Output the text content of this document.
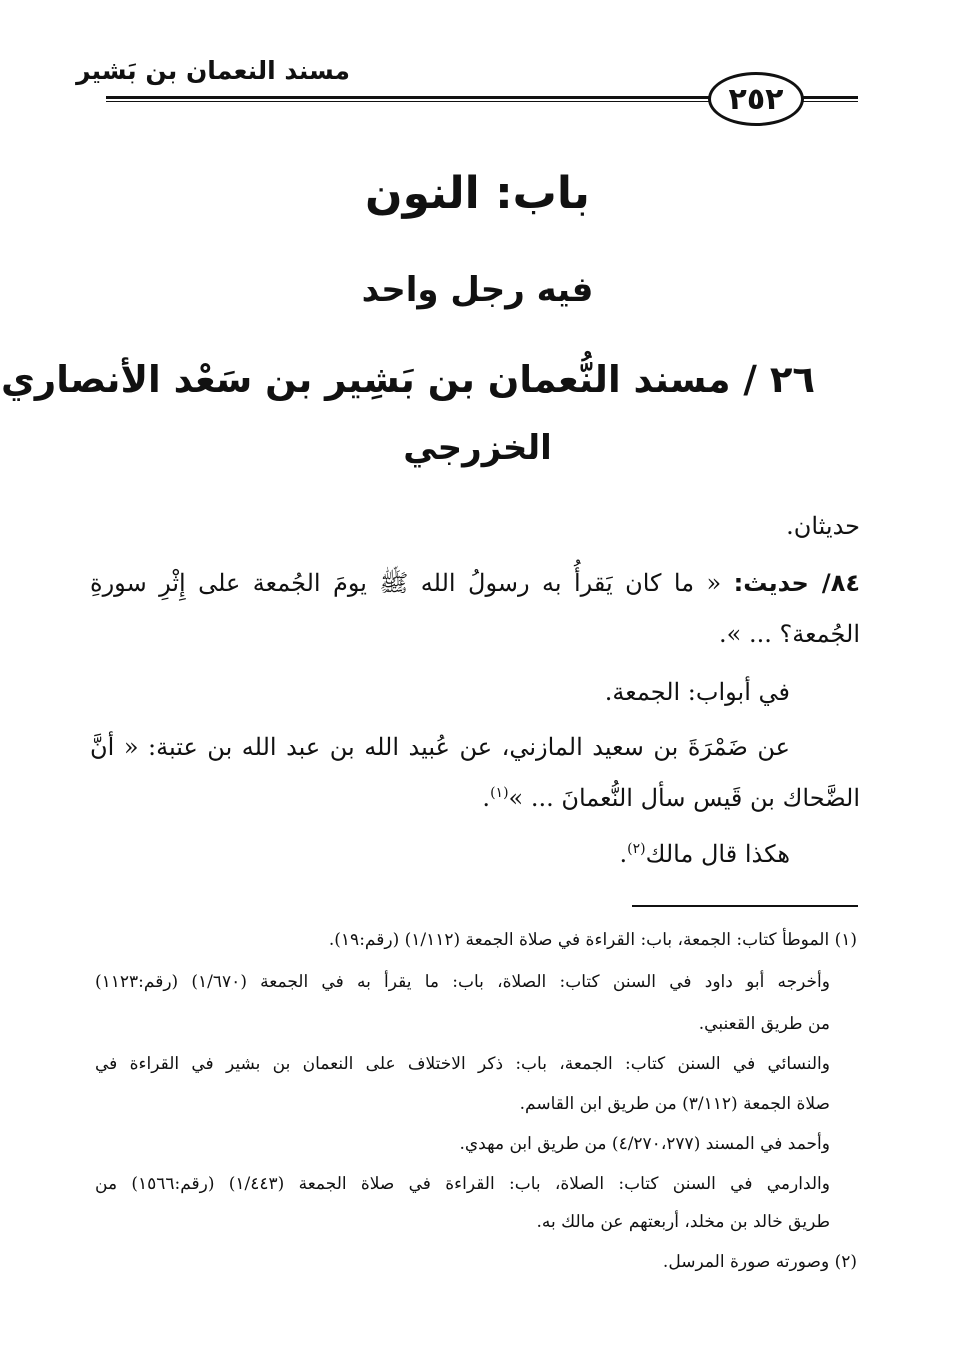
مسند النعمان بن بَشير
٢٥٢
باب: النون
فيه رجل واحد
٢٦ / مسند النُّعمان بن بَشِير بن سَعْد الأنصاري
الخزرجي
حديثان.
٨٤/ حديث: « ما كان يَقرأُ به رسولُ الله ﷺ يومَ الجُمعة على إِثْرِ سورةِ
الجُمعة؟ ... ».
في أبواب: الجمعة.
عن ضَمْرَةَ بن سعيد المازني، عن عُبيد الله بن عبد الله بن عتبة: « أنَّ
الضَّحاك بن قَيس سأل النُّعمانَ ... »$^{(١)}$.
هكذا قال مالك$^{(٢)}$.
(١) الموطأ كتاب: الجمعة، باب: القراءة في صلاة الجمعة (١/١١٢) (رقم:١٩).
وأخرجه أبو داود في السنن كتاب: الصلاة، باب: ما يقرأ به في الجمعة (١/٦٧٠) (رقم:١١٢٣)
من طريق القعنبي.
والنسائي في السنن كتاب: الجمعة، باب: ذكر الاختلاف على النعمان بن بشير في القراءة في
صلاة الجمعة (٣/١١٢) من طريق ابن القاسم.
وأحمد في المسند (٤/٢٧٠،٢٧٧) من طريق ابن مهدي.
والدارمي في السنن كتاب: الصلاة، باب: القراءة في صلاة الجمعة (١/٤٤٣) (رقم:١٥٦٦) من
طريق خالد بن مخلد، أربعتهم عن مالك به.
(٢) وصورته صورة المرسل.
